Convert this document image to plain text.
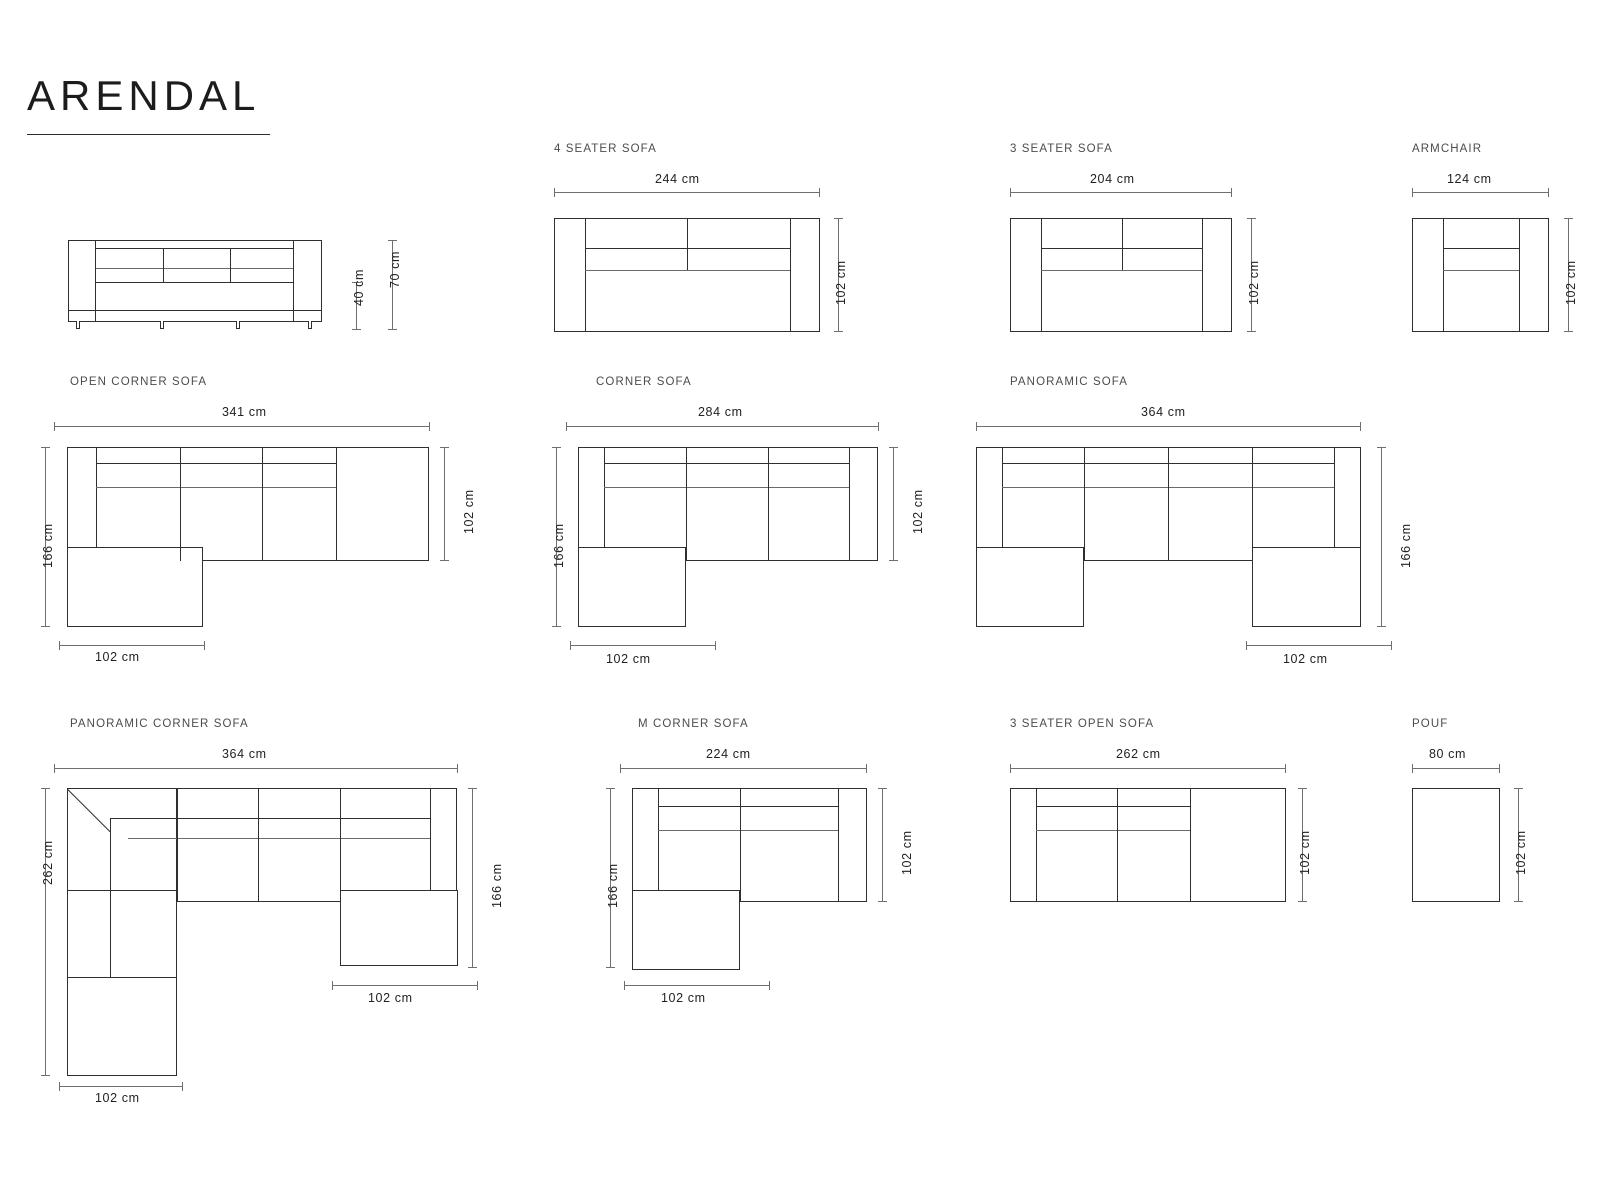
ARENDAL
40 cm 70 cm
4 SEATER SOFA
244 cm
102 cm
3 SEATER SOFA
204 cm
102 cm
ARMCHAIR
124 cm
102 cm
OPEN CORNER SOFA
341 cm
166 cm
102 cm
102 cm
CORNER SOFA
284 cm
166 cm
102 cm
102 cm
PANORAMIC SOFA
364 cm
166 cm
102 cm
PANORAMIC CORNER SOFA
364 cm
262 cm
166 cm
102 cm
102 cm
M CORNER SOFA
224 cm
166 cm
102 cm
102 cm
3 SEATER OPEN SOFA
262 cm
102 cm
POUF
80 cm
102 cm
